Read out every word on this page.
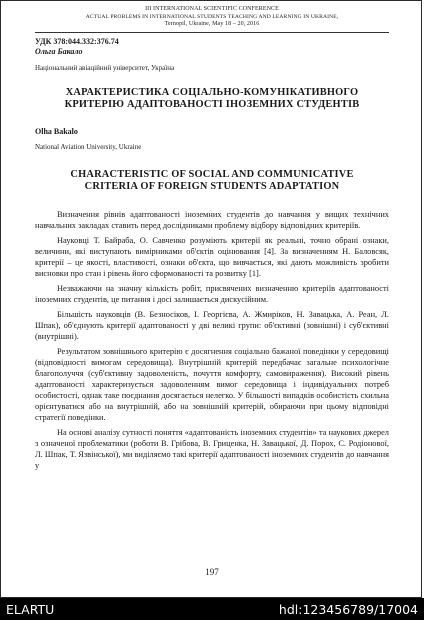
III INTERNATIONAL SCIENTIFIC CONFERENCE
ACTUAL PROBLEMS IN INTERNATIONAL STUDENTS TEACHING AND LEARNING IN UKRAINE,
Ternopil, Ukraine, May 18 – 20, 2016
УДК 378:044.332:376.74
Ольга Бакало
Національний авіаційний університет, Україна
ХАРАКТЕРИСТИКА СОЦІАЛЬНО-КОМУНІКАТИВНОГО
КРИТЕРІЮ АДАПТОВАНОСТІ ІНОЗЕМНИХ СТУДЕНТІВ
Olha Bakalo
National Aviation University, Ukraine
CHARACTERISTIC OF SOCIAL AND COMMUNICATIVE
CRITERIA OF FOREIGN STUDENTS ADAPTATION

Визначення рівнів адаптованості іноземних студентів до навчання у вищих технічних навчальних закладах ставить перед дослідниками проблему відбору відповідних критеріїв.

Науковці Т. Байраба, О. Савченко розуміють критерії як реальні, точно обрані ознаки, величини, які виступають вимірниками об'єктів оцінювання [4]. За визначенням Н. Баловсяк, критерії – це якості, властивості, ознаки об'єкта, що вивчається, які дають можливість зробити висновки про стан і рівень його сформованості та розвитку [1].

Незважаючи на значну кількість робіт, присвячених визначенню критеріїв адаптованості іноземних студентів, це питання і досі залишається дискусійним.

Більшість науковців (В. Безносіков, І. Георгієва, А. Жмиріков, Н. Завацька, А. Реан, Л. Шпак), об'єднують критерії адаптованості у дві великі групи: об'єктивні (зовнішні) і суб'єктивні (внутрішні).

Результатом зовнішнього критерію є досягнення соціально бажаної поведінки у середовищі (відповідності вимогам середовища). Внутрішній критерій передбачає загальне психологічне благополуччя (суб'єктивну задоволеність, почуття комфорту, самовираження). Високий рівень адаптованості характеризується задоволенням вимог середовища і індивідуальних потреб особистості, однак таке поєднання досягається нелегко. У більшості випадків особистість схильна орієнтуватися або на внутрішній, або на зовнішній критерій, обираючи при цьому відповідні стратегії поведінки.

На основі аналізу сутності поняття «адаптованість іноземних студентів» та наукових джерел з означеної проблематики (роботи В. Грібова, В. Гриценка, Н. Завацької, Д. Порох, С. Родіонової, Л. Шпак, Т. Язвінської), ми виділяємо такі критерії адаптованості іноземних студентів до навчання у

197
ELARTU	hdl:123456789/17004
